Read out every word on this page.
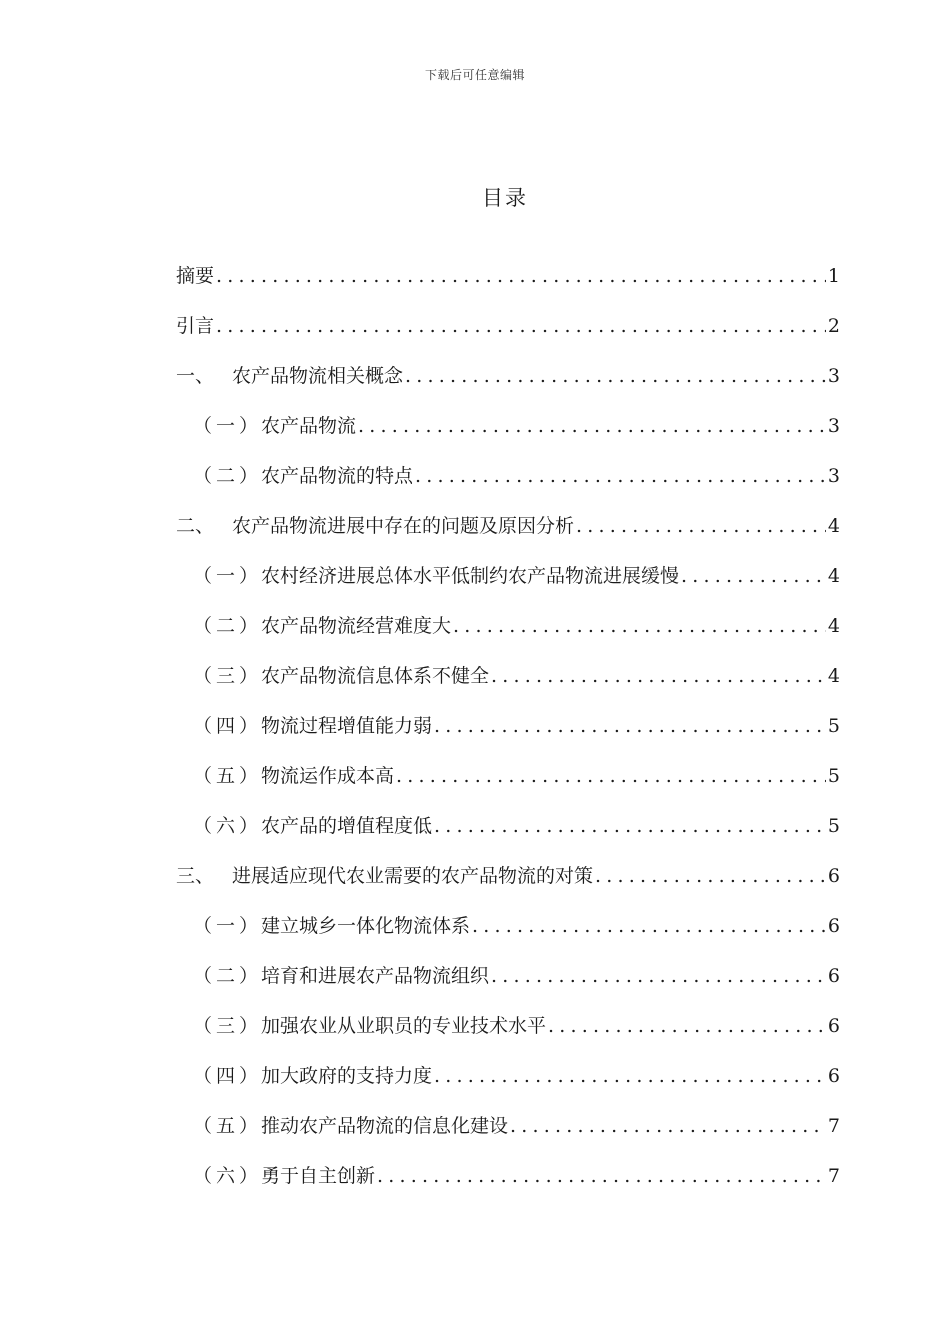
下载后可任意编辑
目录
摘要 .....	1
引言 .....	2
一、 农产品物流相关概念 .....	3
（一）农产品物流 .....	3
（二）农产品物流的特点 .....	3
二、 农产品物流进展中存在的问题及原因分析 .....	4
（一）农村经济进展总体水平低制约农产品物流进展缓慢 .....	4
（二）农产品物流经营难度大 .....	4
（三）农产品物流信息体系不健全 .....	4
（四）物流过程增值能力弱 .....	5
（五）物流运作成本高 .....	5
（六）农产品的增值程度低 .....	5
三、 进展适应现代农业需要的农产品物流的对策 .....	6
（一）建立城乡一体化物流体系 .....	6
（二）培育和进展农产品物流组织 .....	6
（三）加强农业从业职员的专业技术水平 .....	6
（四）加大政府的支持力度 .....	6
（五）推动农产品物流的信息化建设 .....	7
（六）勇于自主创新 .....	7
